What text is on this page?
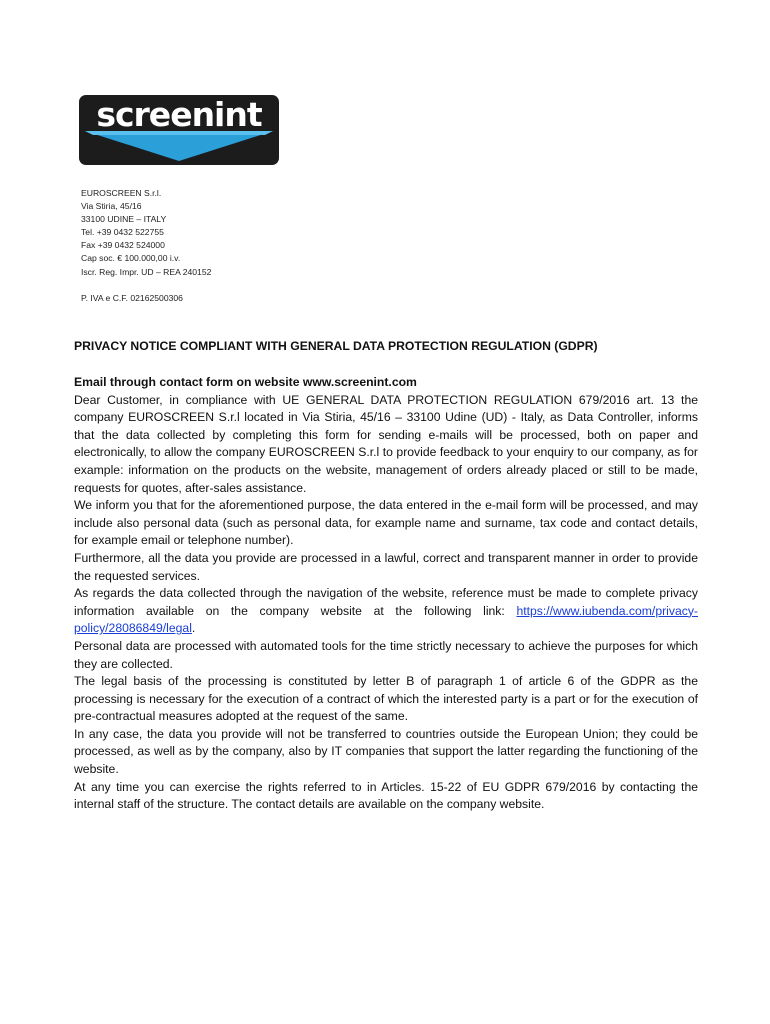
screenint
EUROSCREEN S.r.l.
Via Stiria, 45/16
33100 UDINE – ITALY
Tel. +39 0432 522755
Fax +39 0432 524000
Cap soc. € 100.000,00 i.v.
Iscr. Reg. Impr. UD – REA 240152
P. IVA e C.F. 02162500306
PRIVACY NOTICE COMPLIANT WITH GENERAL DATA PROTECTION REGULATION (GDPR)
Email through contact form on website www.screenint.com

Dear Customer, in compliance with UE GENERAL DATA PROTECTION REGULATION 679/2016 art. 13 the company EUROSCREEN S.r.l located in Via Stiria, 45/16 – 33100 Udine (UD) - Italy, as Data Controller, informs that the data collected by completing this form for sending e-mails will be processed, both on paper and electronically, to allow the company EUROSCREEN S.r.l to provide feedback to your enquiry to our company, as for example: information on the products on the website, management of orders already placed or still to be made, requests for quotes, after-sales assistance.

We inform you that for the aforementioned purpose, the data entered in the e-mail form will be processed, and may include also personal data (such as personal data, for example name and surname, tax code and contact details, for example email or telephone number).

Furthermore, all the data you provide are processed in a lawful, correct and transparent manner in order to provide the requested services.

As regards the data collected through the navigation of the website, reference must be made to complete privacy information available on the company website at the following link: https://www.iubenda.com/privacy-policy/28086849/legal.

Personal data are processed with automated tools for the time strictly necessary to achieve the purposes for which they are collected.

The legal basis of the processing is constituted by letter B of paragraph 1 of article 6 of the GDPR as the processing is necessary for the execution of a contract of which the interested party is a part or for the execution of pre-contractual measures adopted at the request of the same.

In any case, the data you provide will not be transferred to countries outside the European Union; they could be processed, as well as by the company, also by IT companies that support the latter regarding the functioning of the website.

At any time you can exercise the rights referred to in Articles. 15-22 of EU GDPR 679/2016 by contacting the internal staff of the structure. The contact details are available on the company website.
